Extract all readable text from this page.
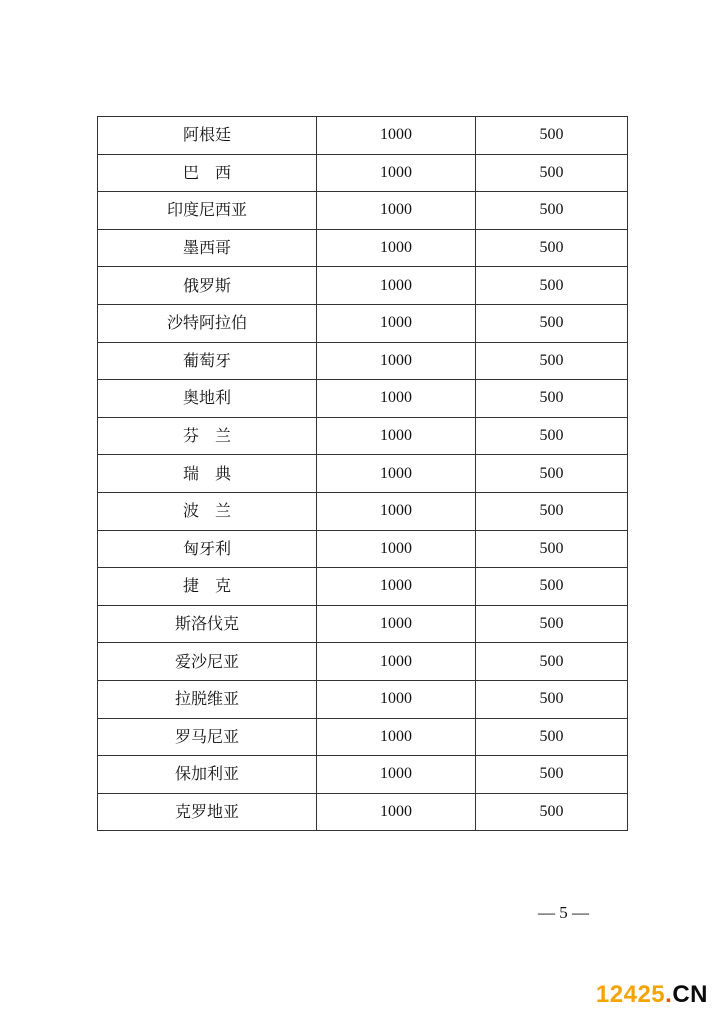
阿根廷	1000	500
巴　西	1000	500
印度尼西亚	1000	500
墨西哥	1000	500
俄罗斯	1000	500
沙特阿拉伯	1000	500
葡萄牙	1000	500
奥地利	1000	500
芬　兰	1000	500
瑞　典	1000	500
波　兰	1000	500
匈牙利	1000	500
捷　克	1000	500
斯洛伐克	1000	500
爱沙尼亚	1000	500
拉脱维亚	1000	500
罗马尼亚	1000	500
保加利亚	1000	500
克罗地亚	1000	500
— 5 —
12425.CN
